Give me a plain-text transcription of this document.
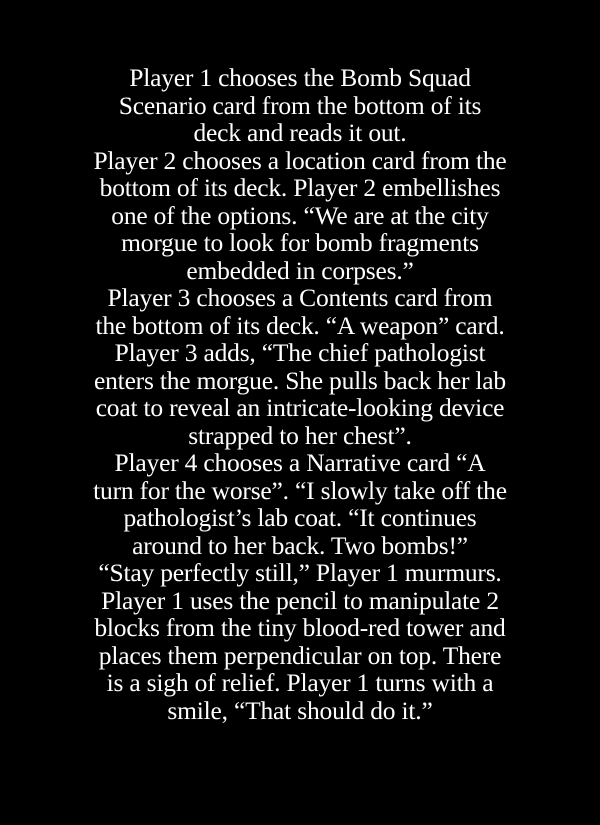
Player 1 chooses the Bomb Squad
Scenario card from the bottom of its
deck and reads it out.
Player 2 chooses a location card from the
bottom of its deck. Player 2 embellishes
one of the options. “We are at the city
morgue to look for bomb fragments
embedded in corpses.”
Player 3 chooses a Contents card from
the bottom of its deck. “A weapon” card.
Player 3 adds, “The chief pathologist
enters the morgue. She pulls back her lab
coat to reveal an intricate-looking device
strapped to her chest”.
Player 4 chooses a Narrative card “A
turn for the worse”. “I slowly take off the
pathologist’s lab coat. “It continues
around to her back. Two bombs!”
“Stay perfectly still,” Player 1 murmurs.
Player 1 uses the pencil to manipulate 2
blocks from the tiny blood-red tower and
places them perpendicular on top. There
is a sigh of relief. Player 1 turns with a
smile, “That should do it.”
